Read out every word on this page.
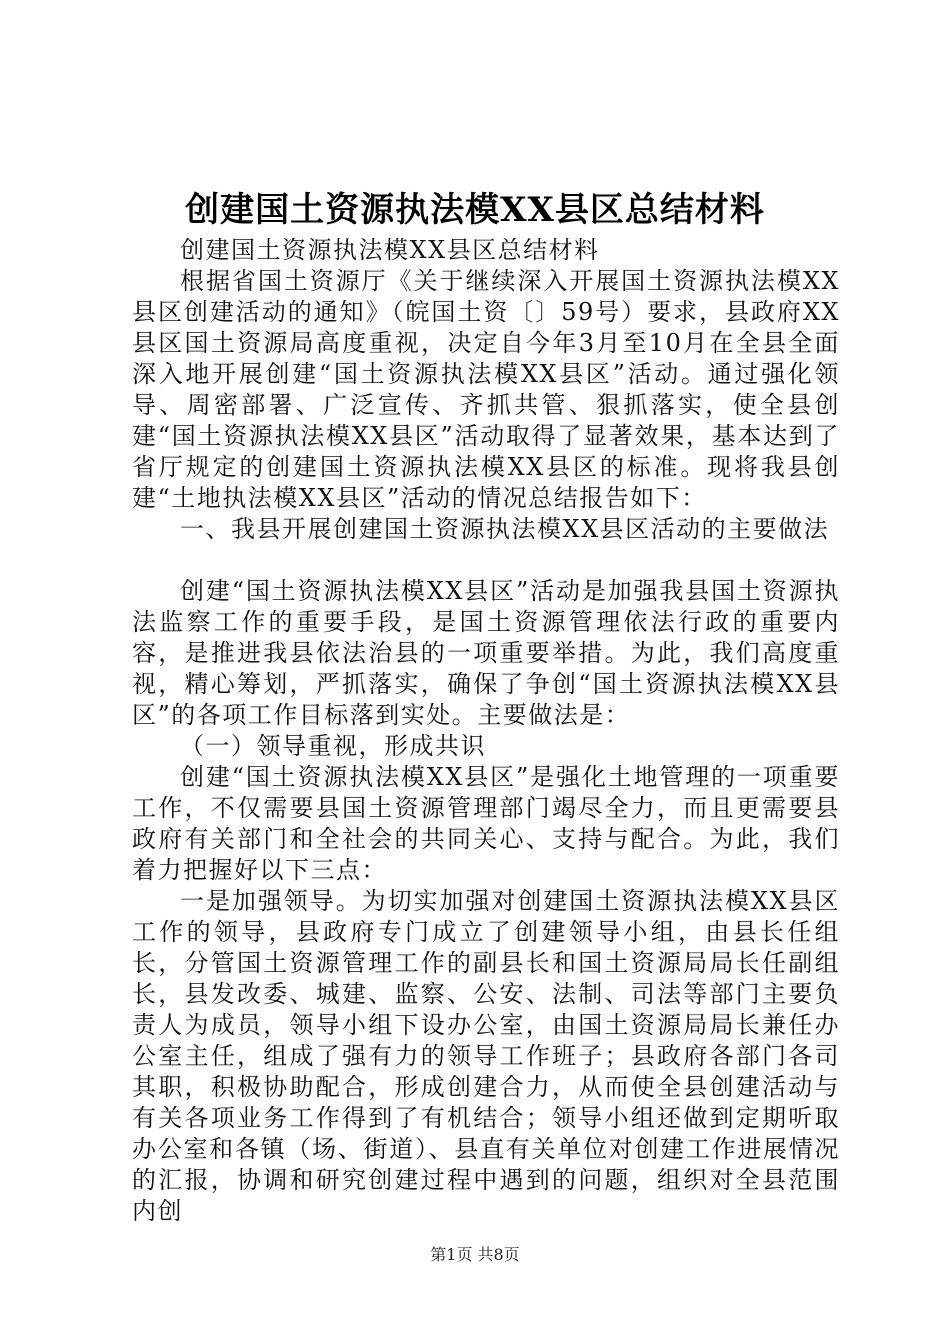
创建国土资源执法模XX县区总结材料

创建国土资源执法模XX县区总结材料

根据省国土资源厅《关于继续深入开展国土资源执法模XX县区创建活动的通知》（皖国土资〔〕59号）要求，县政府XX县区国土资源局高度重视，决定自今年3月至10月在全县全面深入地开展创建“国土资源执法模XX县区”活动。通过强化领导、周密部署、广泛宣传、齐抓共管、狠抓落实，使全县创建“国土资源执法模XX县区”活动取得了显著效果，基本达到了省厅规定的创建国土资源执法模XX县区的标准。现将我县创建“土地执法模XX县区”活动的情况总结报告如下：

一、我县开展创建国土资源执法模XX县区活动的主要做法

创建“国土资源执法模XX县区”活动是加强我县国土资源执法监察工作的重要手段，是国土资源管理依法行政的重要内容，是推进我县依法治县的一项重要举措。为此，我们高度重视，精心筹划，严抓落实，确保了争创“国土资源执法模XX县区”的各项工作目标落到实处。主要做法是：

（一）领导重视，形成共识

创建“国土资源执法模XX县区”是强化土地管理的一项重要工作，不仅需要县国土资源管理部门竭尽全力，而且更需要县政府有关部门和全社会的共同关心、支持与配合。为此，我们着力把握好以下三点：

一是加强领导。为切实加强对创建国土资源执法模XX县区工作的领导，县政府专门成立了创建领导小组，由县长任组长，分管国土资源管理工作的副县长和国土资源局局长任副组长，县发改委、城建、监察、公安、法制、司法等部门主要负责人为成员，领导小组下设办公室，由国土资源局局长兼任办公室主任，组成了强有力的领导工作班子；县政府各部门各司其职，积极协助配合，形成创建合力，从而使全县创建活动与有关各项业务工作得到了有机结合；领导小组还做到定期听取办公室和各镇（场、街道）、县直有关单位对创建工作进展情况的汇报，协调和研究创建过程中遇到的问题，组织对全县范围内创

第1页 共8页
